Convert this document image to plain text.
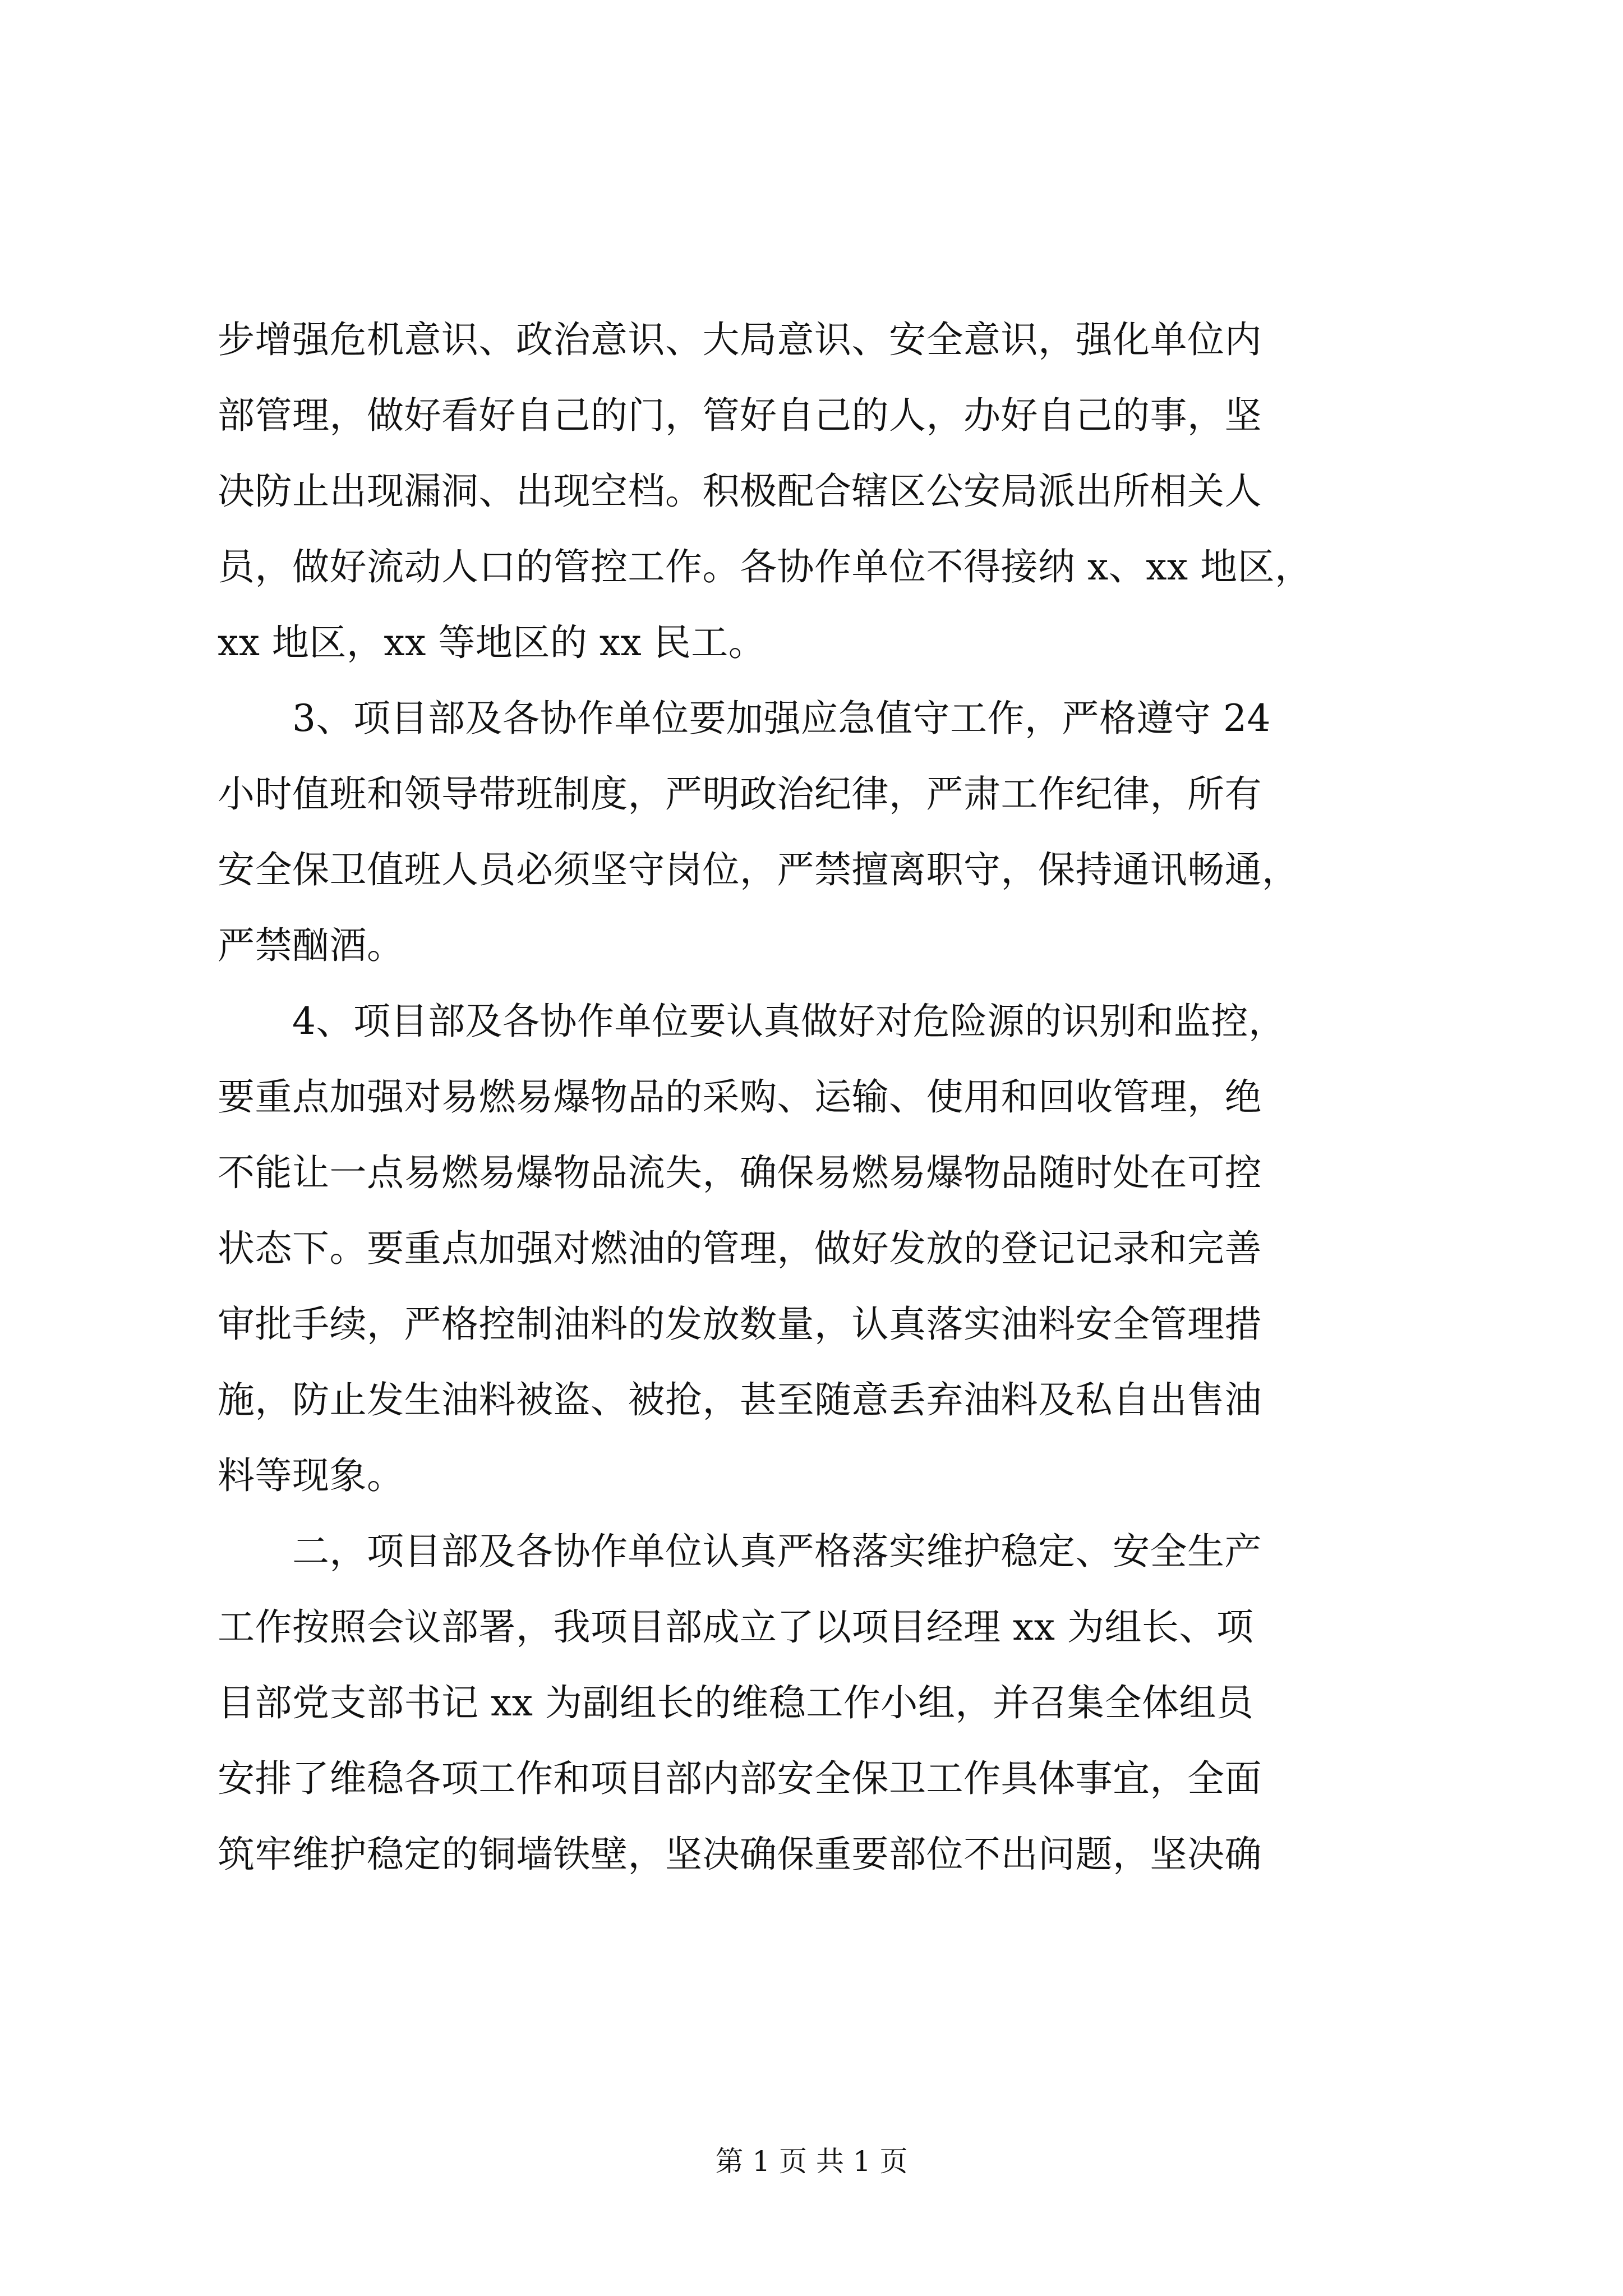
步增强危机意识、政治意识、大局意识、安全意识，强化单位内
部管理，做好看好自己的门，管好自己的人，办好自己的事，坚
决防止出现漏洞、出现空档。积极配合辖区公安局派出所相关人
员，做好流动人口的管控工作。各协作单位不得接纳 x、xx 地区，
xx 地区，xx 等地区的 xx 民工。
　　3、项目部及各协作单位要加强应急值守工作，严格遵守 24
小时值班和领导带班制度，严明政治纪律，严肃工作纪律，所有
安全保卫值班人员必须坚守岗位，严禁擅离职守，保持通讯畅通，
严禁酗酒。
　　4、项目部及各协作单位要认真做好对危险源的识别和监控，
要重点加强对易燃易爆物品的采购、运输、使用和回收管理，绝
不能让一点易燃易爆物品流失，确保易燃易爆物品随时处在可控
状态下。要重点加强对燃油的管理，做好发放的登记记录和完善
审批手续，严格控制油料的发放数量，认真落实油料安全管理措
施，防止发生油料被盗、被抢，甚至随意丢弃油料及私自出售油
料等现象。
　　二，项目部及各协作单位认真严格落实维护稳定、安全生产
工作按照会议部署，我项目部成立了以项目经理 xx 为组长、项
目部党支部书记 xx 为副组长的维稳工作小组，并召集全体组员
安排了维稳各项工作和项目部内部安全保卫工作具体事宜，全面
筑牢维护稳定的铜墙铁壁，坚决确保重要部位不出问题，坚决确
第 1 页 共 1 页
